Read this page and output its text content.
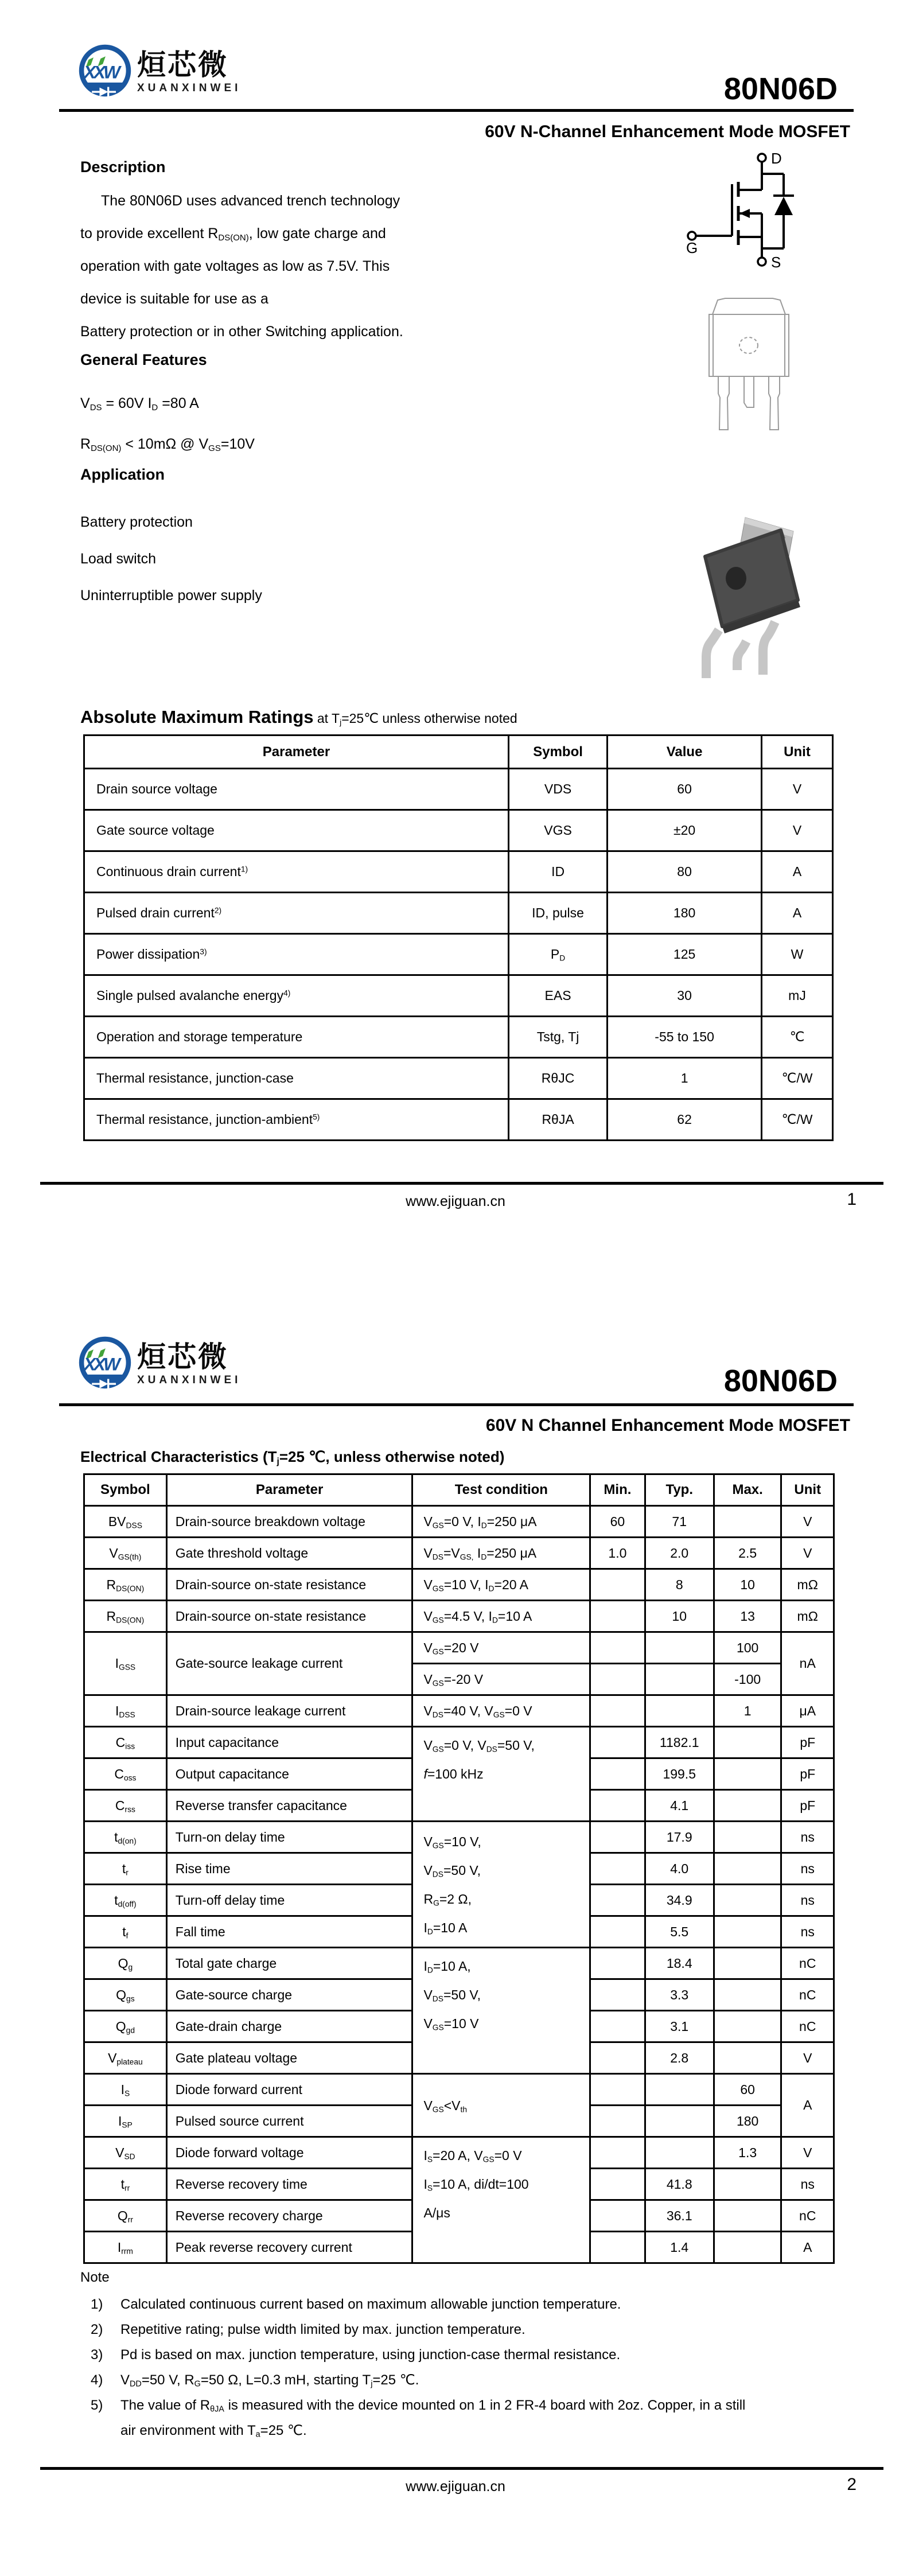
XXW 烜芯微
XUANXINWEI	80N06D
60V N-Channel Enhancement Mode MOSFET
Description
The 80N06D uses advanced trench technology
to provide excellent $R_{DS(ON)}$, low gate charge and
operation with gate voltages as low as 7.5V. This
device is suitable for use as a
Battery protection or in other Switching application.
General Features
$V_{DS} = 60V$ $I_D =80$ A
$R_{DS(ON)} < 10m\Omega$ @ $V_{GS}=10V$
Application
Battery protection
Load switch
Uninterruptible power supply
D
G
S
Absolute Maximum Ratings at $T_j=25℃$ unless otherwise noted
Parameter	Symbol	Value	Unit
Drain source voltage	VDS	60	V
Gate source voltage	VGS	±20	V
Continuous drain current$^{1)}$	ID	80	A
Pulsed drain current$^{2)}$	ID, pulse	180	A
Power dissipation$^{3)}$	$P_D$	125	W
Single pulsed avalanche energy$^{4)}$	EAS	30	mJ
Operation and storage temperature	Tstg, Tj	-55 to 150	℃
Thermal resistance, junction-case	RθJC	1	℃/W
Thermal resistance, junction-ambient$^{5)}$	RθJA	62	℃/W
www.ejiguan.cn	1
XXW 烜芯微
XUANXINWEI	80N06D
60V N Channel Enhancement Mode MOSFET
Electrical Characteristics ($T_j=25$ ℃, unless otherwise noted)
Symbol	Parameter	Test condition	Min.	Typ.	Max.	Unit
$BV_{DSS}$	Drain-source breakdown voltage	$V_{GS}=0$ V, $I_D=250$ μA	60	71		V
$V_{GS(th)}$	Gate threshold voltage	$V_{DS}=V_{GS,}$ $I_D=250$ μA	1.0	2.0	2.5	V
$R_{DS(ON)}$	Drain-source on-state resistance	$V_{GS}=10$ V, $I_D=20$ A		8	10	mΩ
$R_{DS(ON)}$	Drain-source on-state resistance	$V_{GS}=4.5$ V, $I_D=10$ A		10	13	mΩ
$I_{GSS}$	Gate-source leakage current	$V_{GS}=20$ V			100	nA
		$V_{GS}=-20$ V			-100	
$I_{DSS}$	Drain-source leakage current	$V_{DS}=40$ V, $V_{GS}=0$ V			1	μA
$C_{iss}$	Input capacitance	$V_{GS}=0$ V, $V_{DS}=50$ V,
f=100 kHz		1182.1		pF
$C_{oss}$	Output capacitance			199.5		pF
$C_{rss}$	Reverse transfer capacitance			4.1		pF
$t_{d(on)}$	Turn-on delay time	$V_{GS}=10$ V,
$V_{DS}=50$ V,
$R_G=2$ Ω,
$I_D=10$ A		17.9		ns
$t_r$	Rise time			4.0		ns
$t_{d(off)}$	Turn-off delay time			34.9		ns
$t_f$	Fall time			5.5		ns
$Q_g$	Total gate charge	$I_D=10$ A,
$V_{DS}=50$ V,
$V_{GS}=10$ V		18.4		nC
$Q_{gs}$	Gate-source charge			3.3		nC
$Q_{gd}$	Gate-drain charge			3.1		nC
$V_{plateau}$	Gate plateau voltage			2.8		V
$I_S$	Diode forward current	$V_{GS}<V_{th}$			60	A
$I_{SP}$	Pulsed source current				180	
$V_{SD}$	Diode forward voltage	$I_S=20$ A, $V_{GS}=0$ V
$I_S=10$ A, di/dt=100
A/μs			1.3	V
$t_{rr}$	Reverse recovery time			41.8		ns
$Q_{rr}$	Reverse recovery charge			36.1		nC
$I_{rrm}$	Peak reverse recovery current			1.4		A
Note
1)	Calculated continuous current based on maximum allowable junction temperature.
2)	Repetitive rating; pulse width limited by max. junction temperature.
3)	Pd is based on max. junction temperature, using junction-case thermal resistance.
4)	$V_{DD}=50$ V, $R_G=50$ Ω, L=0.3 mH, starting $T_j=25$ ℃.
5)	The value of $R_{\theta JA}$ is measured with the device mounted on 1 in 2 FR-4 board with 2oz. Copper, in a still
air environment with $T_a=25$ ℃.
www.ejiguan.cn	2
